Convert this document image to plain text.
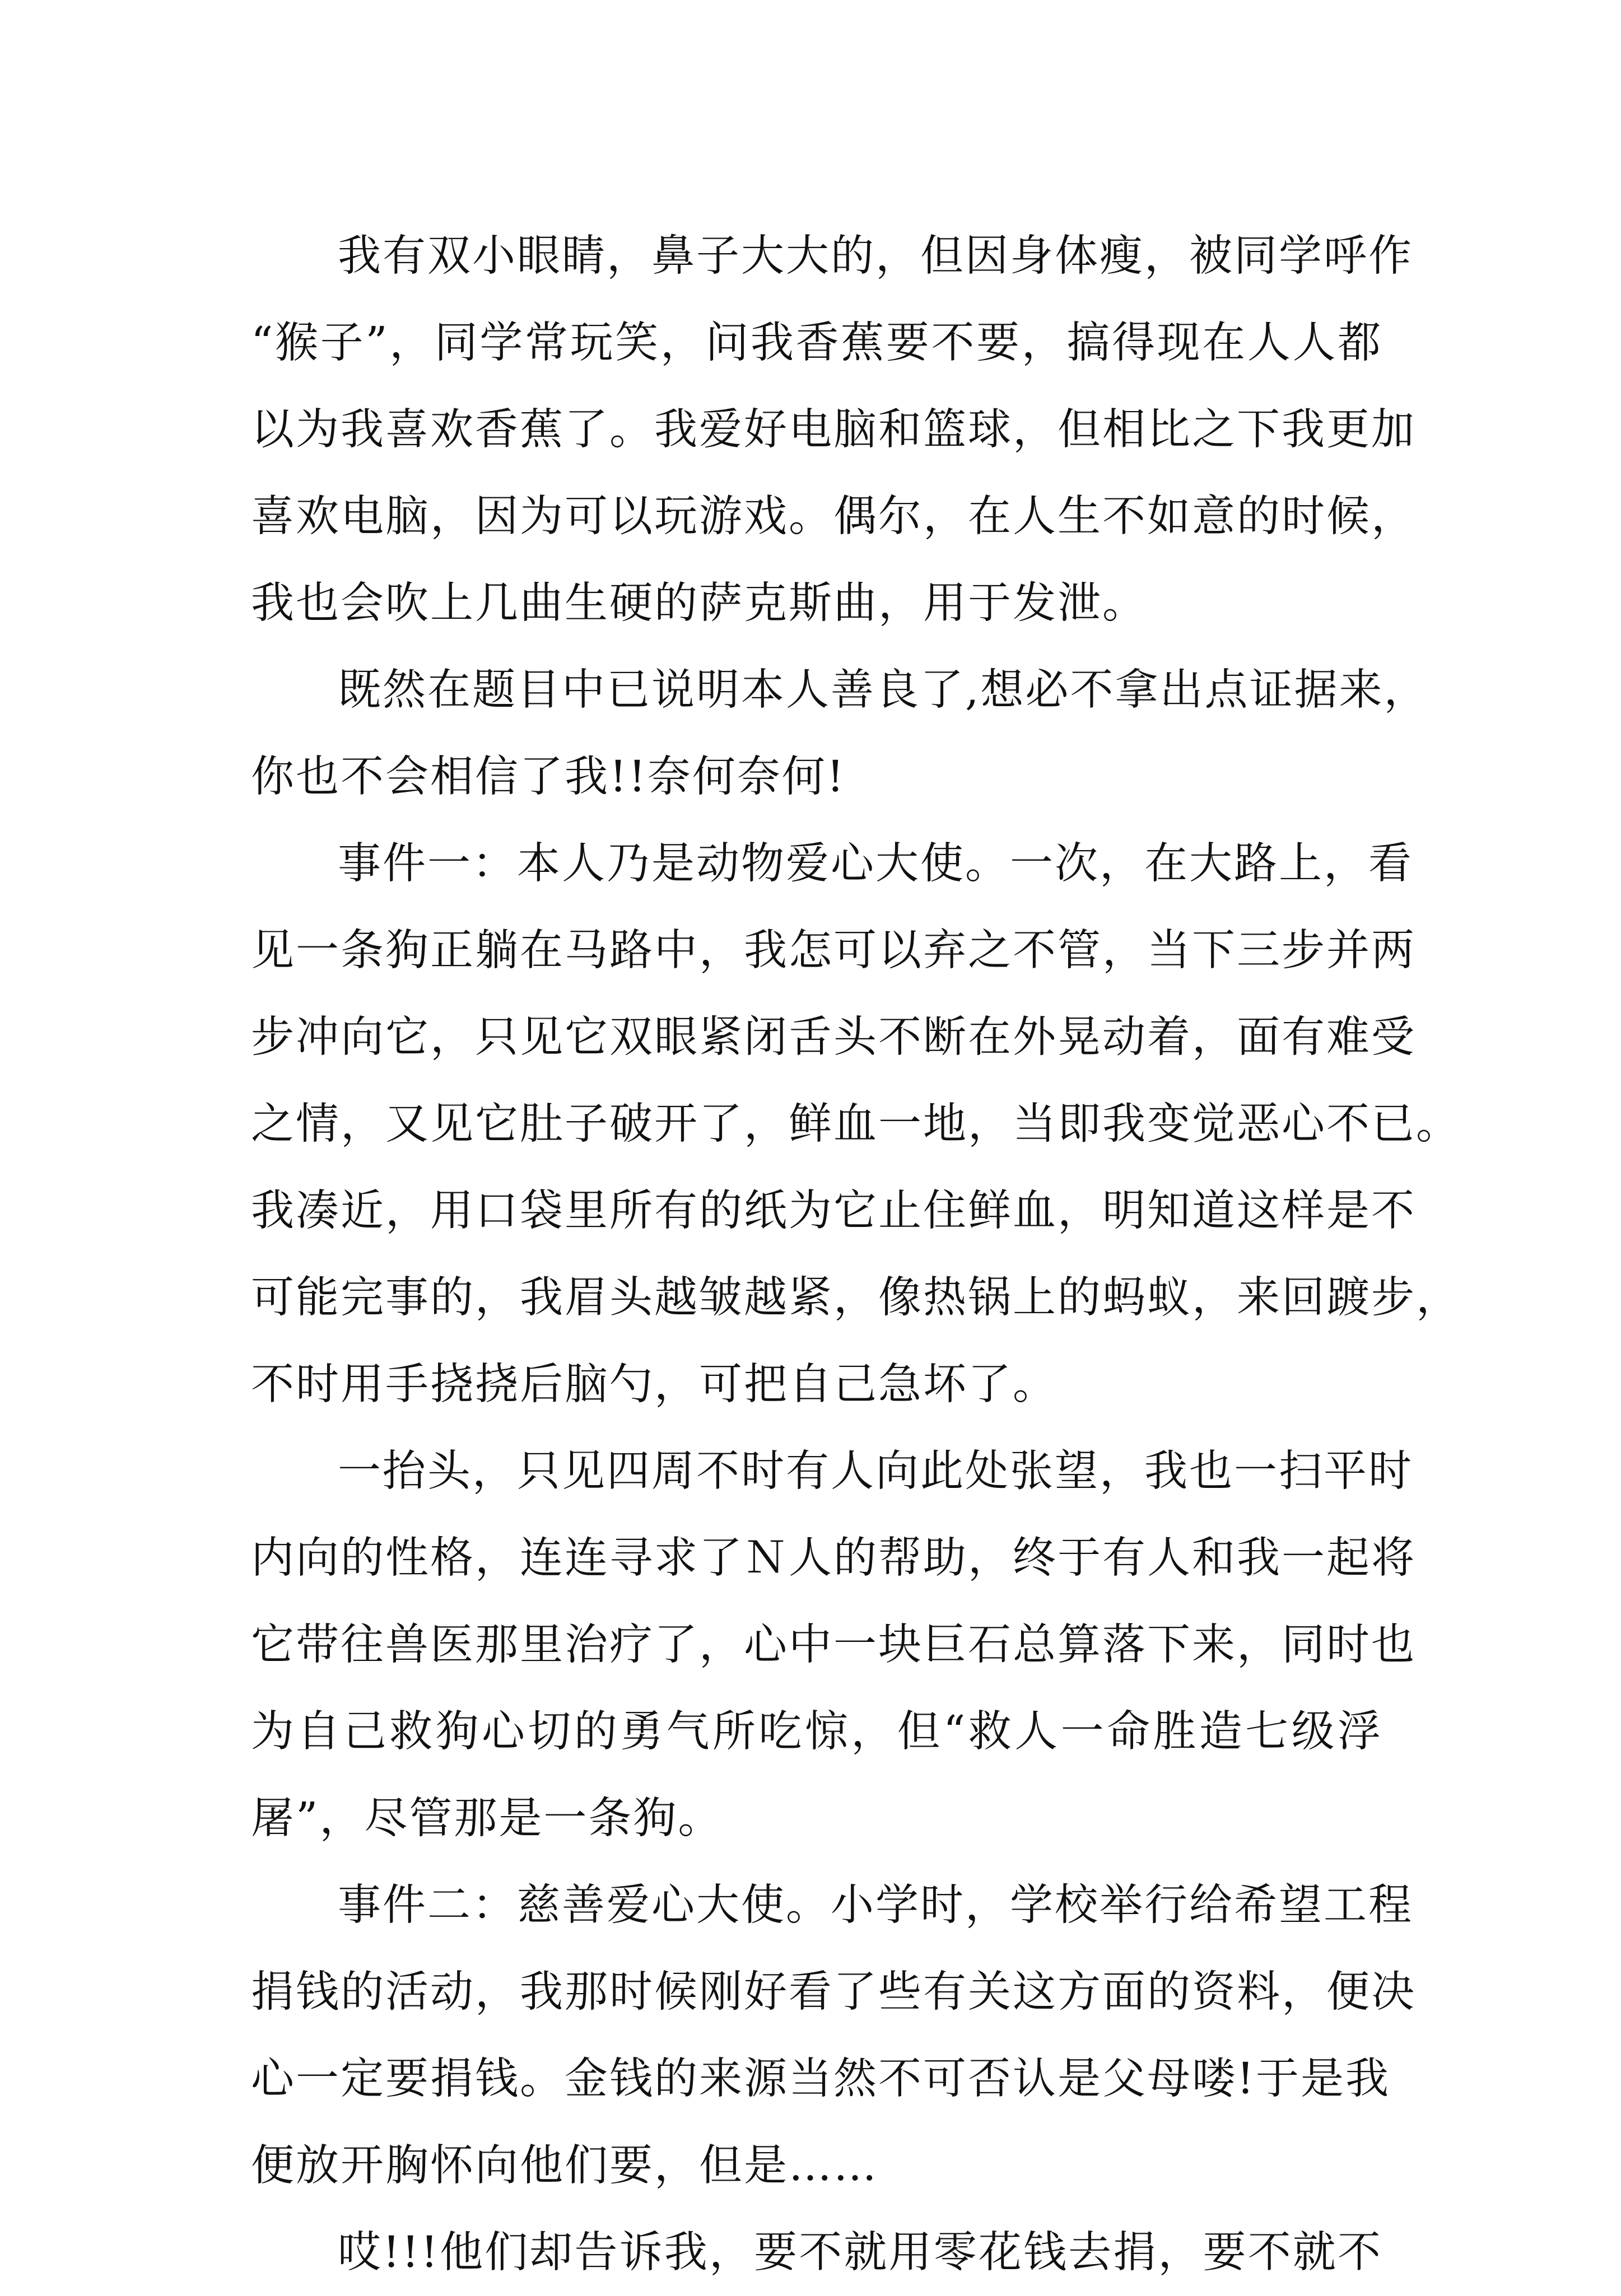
我有双小眼睛，鼻子大大的，但因身体瘦，被同学呼作
“猴子”，同学常玩笑，问我香蕉要不要，搞得现在人人都
以为我喜欢香蕉了。我爱好电脑和篮球，但相比之下我更加
喜欢电脑，因为可以玩游戏。偶尔，在人生不如意的时候，
我也会吹上几曲生硬的萨克斯曲，用于发泄。
既然在题目中已说明本人善良了,想必不拿出点证据来，
你也不会相信了我!!奈何奈何!
事件一：本人乃是动物爱心大使。一次，在大路上，看
见一条狗正躺在马路中，我怎可以弃之不管，当下三步并两
步冲向它，只见它双眼紧闭舌头不断在外晃动着，面有难受
之情，又见它肚子破开了，鲜血一地，当即我变觉恶心不已。
我凑近，用口袋里所有的纸为它止住鲜血，明知道这样是不
可能完事的，我眉头越皱越紧，像热锅上的蚂蚁，来回踱步，
不时用手挠挠后脑勺，可把自己急坏了。
一抬头，只见四周不时有人向此处张望，我也一扫平时
内向的性格，连连寻求了Ｎ人的帮助，终于有人和我一起将
它带往兽医那里治疗了，心中一块巨石总算落下来，同时也
为自己救狗心切的勇气所吃惊，但“救人一命胜造七级浮
屠”，尽管那是一条狗。
事件二：慈善爱心大使。小学时，学校举行给希望工程
捐钱的活动，我那时候刚好看了些有关这方面的资料，便决
心一定要捐钱。金钱的来源当然不可否认是父母喽!于是我
便放开胸怀向他们要，但是……
哎!!!他们却告诉我，要不就用零花钱去捐，要不就不
